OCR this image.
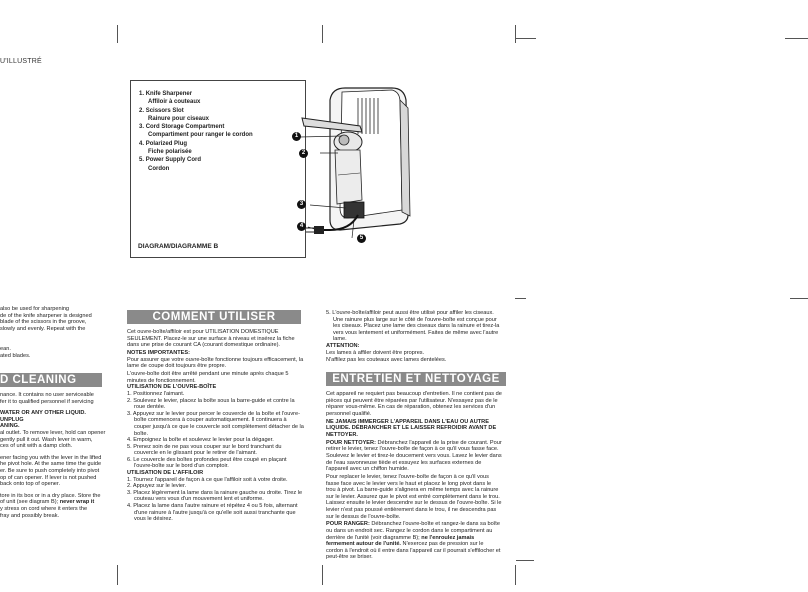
U'ILLUSTRÉ
1. Knife Sharpener
Affiloir à couteaux
2. Scissors Slot
Rainure pour ciseaux
3. Cord Storage Compartment
Compartiment pour ranger le cordon
4. Polarized Plug
Fiche polarisée
5. Power Supply Cord
Cordon
1
2
3
4
5
DIAGRAM/DIAGRAMME B
also be used for sharpening
de of the knife sharpener is designed
blade of the scissors in the groove,
slowly and evenly. Repeat with the
ean.
ated blades.
D CLEANING
nance. It contains no user serviceable
fer it to qualified personnel if servicing
WATER OR ANY OTHER LIQUID. UNPLUG
ANING.
al outlet. To remove lever, hold can opener
gently pull it out. Wash lever in warm,
ces of unit with a damp cloth.
ener facing you with the lever in the lifted
he pivot hole. At the same time the guide
er. Be sure to push completely into pivot
op of can opener. If lever is not pushed
back onto top of opener.
tore in its box or in a dry place. Store the
of unit (see diagram B); never wrap it
y stress on cord where it enters the
fray and possibly break.
COMMENT UTILISER

Cet ouvre-boîte/affiloir est pour UTILISATION DOMESTIQUE SEULEMENT. Placez-le sur une surface à niveau et insérez la fiche dans une prise de courant CA (courant domestique ordinaire).

NOTES IMPORTANTES:

Pour assurer que votre ouvre-boîte fonctionne toujours efficacement, la lame de coupe doit toujours être propre.

L'ouvre-boîte doit être arrêté pendant une minute après chaque 5 minutes de fonctionnement.

UTILISATION DE L'OUVRE-BOÎTE

1. Positionnez l'aimant.
2. Soulevez le levier, placez la boîte sous la barre-guide et contre la roue dentée.
3. Appuyez sur le levier pour percer le couvercle de la boîte et l'ouvre-boîte commencera à couper automatiquement. Il continuera à couper jusqu'à ce que le couvercle soit complètement détacher de la boîte.
4. Empoignez la boîte et soulevez le levier pour la dégager.
5. Prenez soin de ne pas vous couper sur le bord tranchant du couvercle en le glissant pour le retirer de l'aimant.
6. Le couvercle des boîtes profondes peut être coupé en plaçant l'ouvre-boîte sur le bord d'un comptoir.

UTILISATION DE L'AFFILOIR

1. Tournez l'appareil de façon à ce que l'affiloir soit à votre droite.
2. Appuyez sur le levier.
3. Placez légèrement la lame dans la rainure gauche ou droite. Tirez le couteau vers vous d'un mouvement lent et uniforme.
4. Placez la lame dans l'autre rainure et répétez 4 ou 5 fois, alternant d'une rainure à l'autre jusqu'à ce qu'elle soit aussi tranchante que vous le désirez.
5. L'ouvre-boîte/affiloir peut aussi être utilisé pour affiler les ciseaux. Une rainure plus large sur le côté de l'ouvre-boîte est conçue pour les ciseaux. Placez une lame des ciseaux dans la rainure et tirez-la vers vous lentement et uniformément. Faites de même avec l'autre lame.

ATTENTION:

Les lames à affiler doivent être propres.

N'affilez pas les couteaux avec lames dentelées.

ENTRETIEN ET NETTOYAGE

Cet appareil ne requiert pas beaucoup d'entretien. Il ne contient pas de pièces qui peuvent être réparées par l'utilisateur. N'essayez pas de le réparer vous-même. En cas de réparation, obtenez les services d'un personnel qualifié.

NE JAMAIS IMMERGER L'APPAREIL DANS L'EAU OU AUTRE LIQUIDE. DÉBRANCHER ET LE LAISSER REFROIDIR AVANT DE NETTOYER.

POUR NETTOYER: Débranchez l'appareil de la prise de courant. Pour retirer le levier, tenez l'ouvre-boîte de façon à ce qu'il vous fasse face. Soulevez le levier et tirez-le doucement vers vous. Lavez le levier dans de l'eau savonneuse tiède et essuyez les surfaces externes de l'appareil avec un chiffon humide.

Pour replacer le levier, tenez l'ouvre-boîte de façon à ce qu'il vous fasse face avec le levier vers le haut et placez le long pivot dans le trou à pivot. La barre-guide s'alignera en même temps avec la rainure sur le levier. Assurez que le pivot est entré complètement dans le trou. Laissez ensuite le levier descendre sur le dessus de l'ouvre-boîte. Si le levier n'est pas poussé entièrement dans le trou, il ne descendra pas sur le dessus de l'ouvre-boîte.

POUR RANGER: Débranchez l'ouvre-boîte et rangez-le dans sa boîte ou dans un endroit sec. Rangez le cordon dans le compartiment au derrière de l'unité (voir diagramme B); ne l'enroulez jamais fermement autour de l'unité. N'exercez pas de pression sur le cordon à l'endroit où il entre dans l'appareil car il pourrait s'effilocher et peut-être se briser.
